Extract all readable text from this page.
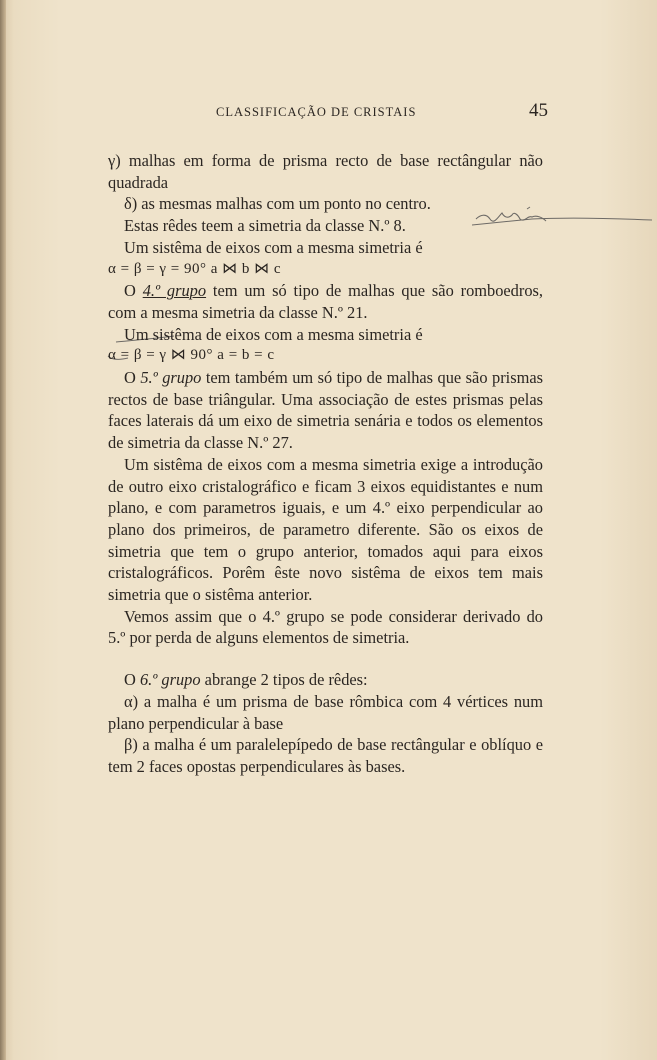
CLASSIFICAÇÃO DE CRISTAIS	45

γ) malhas em forma de prisma recto de base rectângular não quadrada

δ) as mesmas malhas com um ponto no centro.

Estas rêdes teem a simetria da classe N.º 8.

Um sistêma de eixos com a mesma simetria é

α = β = γ = 90° a ⋈ b ⋈ c

O 4.º grupo tem um só tipo de malhas que são romboedros, com a mesma simetria da classe N.º 21.

Um sistêma de eixos com a mesma simetria é

α = β = γ ⋈ 90° a = b = c

O 5.º grupo tem também um só tipo de malhas que são prismas rectos de base triângular. Uma associação de estes prismas pelas faces laterais dá um eixo de simetria senária e todos os elementos de simetria da classe N.º 27.

Um sistêma de eixos com a mesma simetria exige a introdução de outro eixo cristalográfico e ficam 3 eixos equidistantes e num plano, e com parametros iguais, e um 4.º eixo perpendicular ao plano dos primeiros, de parametro diferente. São os eixos de simetria que tem o grupo anterior, tomados aqui para eixos cristalográficos. Porêm êste novo sistêma de eixos tem mais simetria que o sistêma anterior.

Vemos assim que o 4.º grupo se pode considerar derivado do 5.º por perda de alguns elementos de simetria.

O 6.º grupo abrange 2 tipos de rêdes:

α) a malha é um prisma de base rômbica com 4 vértices num plano perpendicular à base

β) a malha é um paralelepípedo de base rectângular e oblíquo e tem 2 faces opostas perpendiculares às bases.
